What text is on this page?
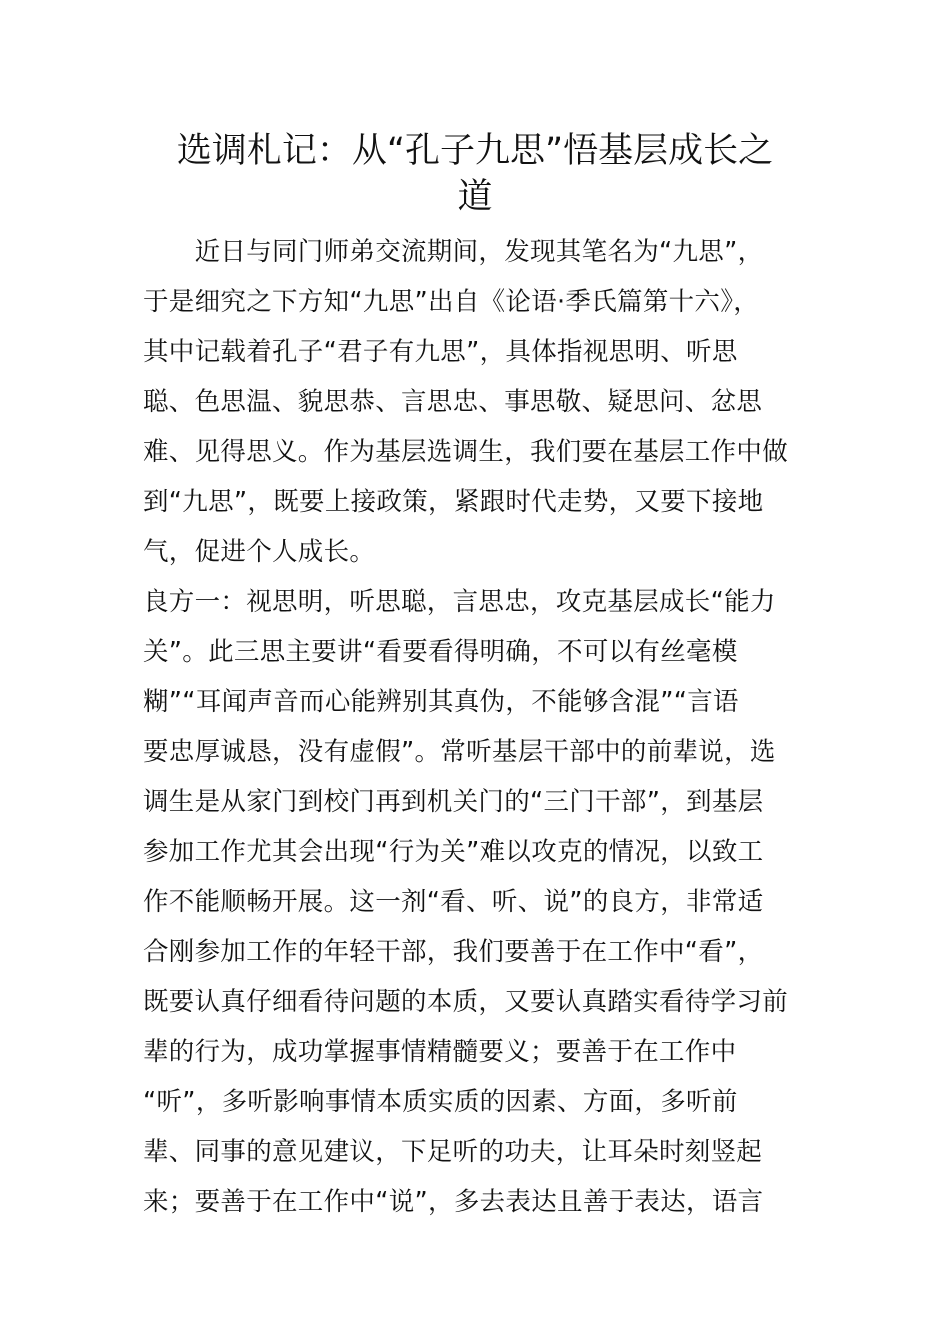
选调札记：从“孔子九思”悟基层成长之
道
　　近日与同门师弟交流期间，发现其笔名为“九思”，
于是细究之下方知“九思”出自《论语·季氏篇第十六》，
其中记载着孔子“君子有九思”，具体指视思明、听思
聪、色思温、貌思恭、言思忠、事思敬、疑思问、忿思
难、见得思义。作为基层选调生，我们要在基层工作中做
到“九思”，既要上接政策，紧跟时代走势，又要下接地
气，促进个人成长。
良方一：视思明，听思聪，言思忠，攻克基层成长“能力
关”。此三思主要讲“看要看得明确，不可以有丝毫模
糊”“耳闻声音而心能辨别其真伪，不能够含混”“言语
要忠厚诚恳，没有虚假”。常听基层干部中的前辈说，选
调生是从家门到校门再到机关门的“三门干部”，到基层
参加工作尤其会出现“行为关”难以攻克的情况，以致工
作不能顺畅开展。这一剂“看、听、说”的良方，非常适
合刚参加工作的年轻干部，我们要善于在工作中“看”，
既要认真仔细看待问题的本质，又要认真踏实看待学习前
辈的行为，成功掌握事情精髓要义；要善于在工作中
“听”，多听影响事情本质实质的因素、方面，多听前
辈、同事的意见建议，下足听的功夫，让耳朵时刻竖起
来；要善于在工作中“说”，多去表达且善于表达，语言
